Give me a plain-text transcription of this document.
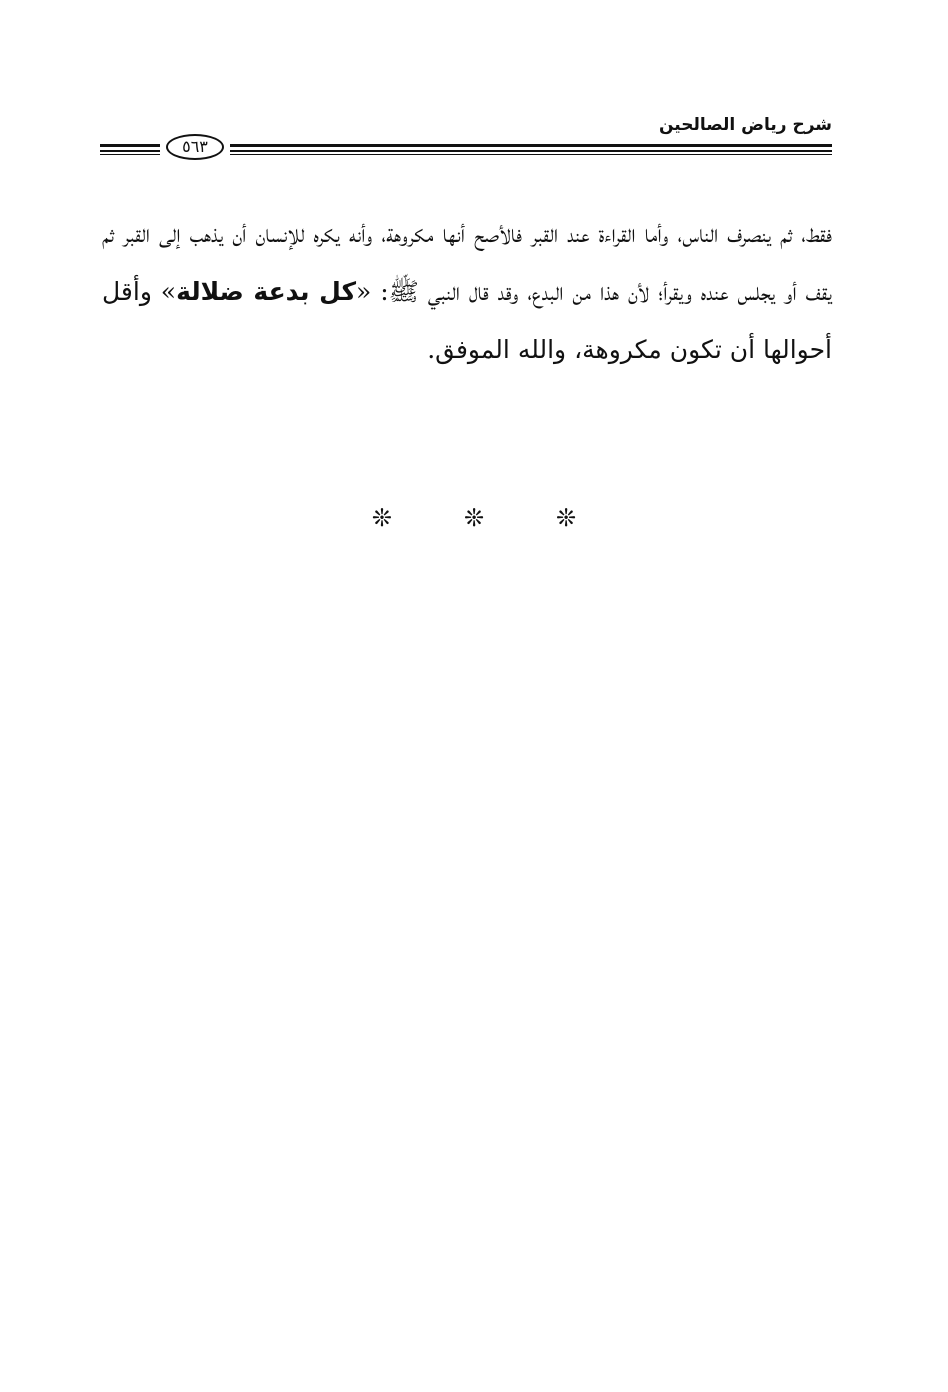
شرح رياض الصالحين
٥٦٣

فقط، ثم ينصرف الناس، وأما القراءة عند القبر فالأصح أنها مكروهة، وأنه يكره للإنسان أن يذهب إلى القبر ثم يقف أو يجلس عنده ويقرأ؛ لأن هذا من البدع، وقد قال النبي ﷺ: «كل بدعة ضلالة» وأقل أحوالها أن تكون مكروهة، والله الموفق.

❊	❊	❊
